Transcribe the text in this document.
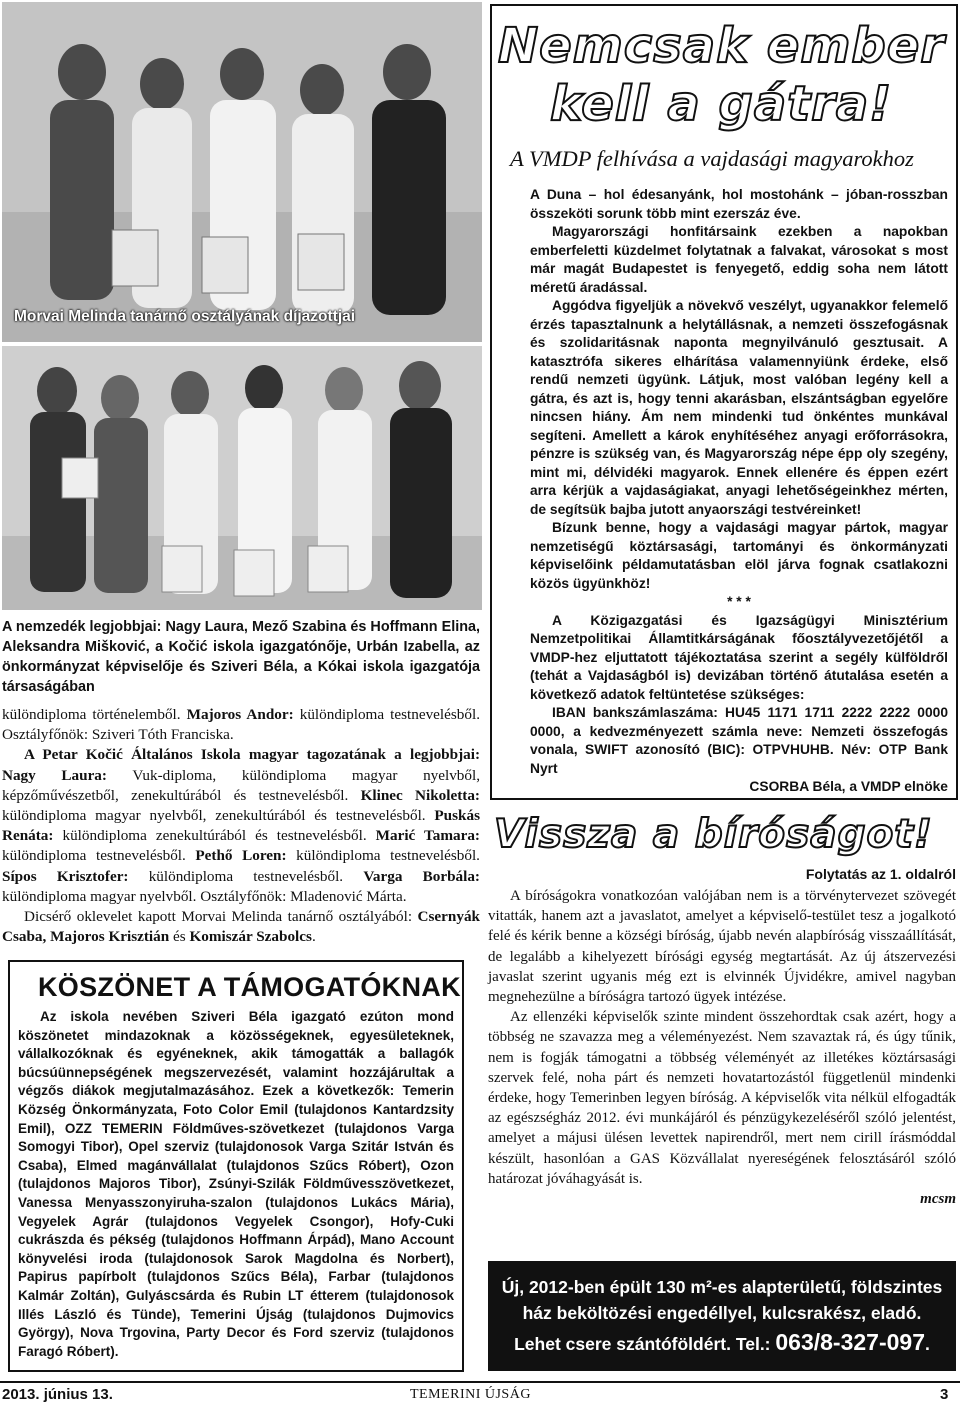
Morvai Melinda tanárnő osztályának díjazottjai
A nemzedék legjobbjai: Nagy Laura, Mező Szabina és Hoffmann Elina, Aleksandra Mišković, a Kočić iskola igazgatónője, Urbán Izabella, az önkormányzat képviselője és Sziveri Béla, a Kókai iskola igazgatója társaságában
különdiploma történelemből. Majoros Andor: különdiploma testnevelésből. Osztályfőnök: Sziveri Tóth Franciska.
A Petar Kočić Általános Iskola magyar tagozatának a legjobbjai: Nagy Laura: Vuk-diploma, különdiploma magyar nyelvből, képzőművészetből, zenekultúrából és testnevelésből. Klinec Nikoletta: különdiploma magyar nyelvből, zenekultúrából és testnevelésből. Puskás Renáta: különdiploma zenekultúrából és testnevelésből. Marić Tamara: különdiploma testnevelésből. Pethő Loren: különdiploma testnevelésből. Sípos Krisztofer: különdiploma testnevelésből. Varga Borbála: különdiploma magyar nyelvből. Osztályfőnök: Mladenović Márta.
Dicsérő oklevelet kapott Morvai Melinda tanárnő osztályából: Csernyák Csaba, Majoros Krisztián és Komiszár Szabolcs.
KÖSZÖNET A TÁMOGATÓKNAK
Az iskola nevében Sziveri Béla igazgató ezúton mond köszönetet mindazoknak a közösségeknek, egyesületeknek, vállalkozóknak és egyéneknek, akik támogatták a ballagók búcsúünnepségének megszervezését, valamint hozzájárultak a végzős diákok megjutalmazásához. Ezek a következők: Temerin Község Önkormányzata, Foto Color Emil (tulajdonos Kantardzsity Emil), OZZ TEMERIN Földműves-szövetkezet (tulajdonos Varga Somogyi Tibor), Opel szerviz (tulajdonosok Varga Szitár István és Csaba), Elmed magánvállalat (tulajdonos Szűcs Róbert), Ozon (tulajdonos Majoros Tibor), Zsúnyi-Szilák Földművesszövetkezet, Vanessa Menyasszonyiruha-szalon (tulajdonos Lukács Mária), Vegyelek Agrár (tulajdonos Vegyelek Csongor), Hofy-Cuki cukrászda és pékség (tulajdonos Hoffmann Árpád), Mano Account könyvelési iroda (tulajdonosok Sarok Magdolna és Norbert), Papirus papírbolt (tulajdonos Szűcs Béla), Farbar (tulajdonos Kalmár Zoltán), Gulyáscsárda és Rubin LT étterem (tulajdonosok Illés László és Tünde), Temerini Újság (tulajdonos Dujmovics György), Nova Trgovina, Party Decor és Ford szerviz (tulajdonos Faragó Róbert).
Nemcsak ember
kell a gátra!
A VMDP felhívása a vajdasági magyarokhoz

A Duna – hol édesanyánk, hol mostohánk – jóban-rosszban összeköti sorunk több mint ezerszáz éve.

Magyarországi honfitársaink ezekben a napokban emberfeletti küzdelmet folytatnak a falvakat, városokat s most már magát Budapestet is fenyegető, eddig soha nem látott méretű áradással.

Aggódva figyeljük a növekvő veszélyt, ugyanakkor felemelő érzés tapasztalnunk a helytállásnak, a nemzeti összefogásnak és szolidaritásnak naponta megnyilvánuló gesztusait. A katasztrófa sikeres elhárítása valamennyiünk érdeke, első rendű nemzeti ügyünk. Látjuk, most valóban legény kell a gátra, és azt is, hogy tenni akarásban, elszántságban egyelőre nincsen hiány. Ám nem mindenki tud önkéntes munkával segíteni. Amellett a károk enyhítéséhez anyagi erőforrásokra, pénzre is szükség van, és Magyarország népe épp oly szegény, mint mi, délvidéki magyarok. Ennek ellenére és éppen ezért arra kérjük a vajdaságiakat, anyagi lehetőségeinkhez mérten, de segítsük bajba jutott anyaországi testvéreinket!

Bízunk benne, hogy a vajdasági magyar pártok, magyar nemzetiségű köztársasági, tartományi és önkormányzati képviselőink példamutatásban elöl járva fognak csatlakozni közös ügyünkhöz!

* * *

A Közigazgatási és Igazságügyi Minisztérium Nemzetpolitikai Államtitkárságának főosztályvezetőjétől a VMDP-hez eljuttatott tájékoztatása szerint a segély külföldről (tehát a Vajdaságból is) devizában történő átutalása esetén a következő adatok feltüntetése szükséges:

IBAN bankszámlaszáma: HU45 1171 1711 2222 2222 0000 0000, a kedvezményezett számla neve: Nemzeti összefogás vonala, SWIFT azonosító (BIC): OTPVHUHB. Név: OTP Bank Nyrt

CSORBA Béla, a VMDP elnöke

Vissza a bíróságot!
Folytatás az 1. oldalról
A bíróságokra vonatkozóan valójában nem is a törvénytervezet szövegét vitatták, hanem azt a javaslatot, amelyet a képviselő-testület tesz a jogalkotó felé és kérik benne a községi bíróság, újabb nevén alapbíróság visszaállítását, de legalább a kihelyezett bírósági egység megtartását. Az új átszervezési javaslat szerint ugyanis még ezt is elvinnék Újvidékre, amivel nagyban megnehezülne a bíróságra tartozó ügyek intézése.
Az ellenzéki képviselők szinte mindent összehordtak csak azért, hogy a többség ne szavazza meg a véleményezést. Nem szavaztak rá, és úgy tűnik, nem is fogják támogatni a többség véleményét az illetékes köztársasági szervek felé, noha párt és nemzeti hovatartozástól függetlenül mindenki érdeke, hogy Temerinben legyen bíróság. A képviselők vita nélkül elfogadták az egészségház 2012. évi munkájáról és pénzügykezeléséről szóló jelentést, amelyet a májusi ülésen levettek napirendről, mert nem cirill írásmóddal készült, hasonlóan a GAS Közvállalat nyereségének felosztásáról szóló határozat jóváhagyását is.
mcsm
Új, 2012-ben épült 130 m²-es alapterületű, földszintes
ház beköltözési engedéllyel, kulcsrakész, eladó.
Lehet csere szántóföldért. Tel.: 063/8-327-097.
2013. június 13.	TEMERINI ÚJSÁG	3
